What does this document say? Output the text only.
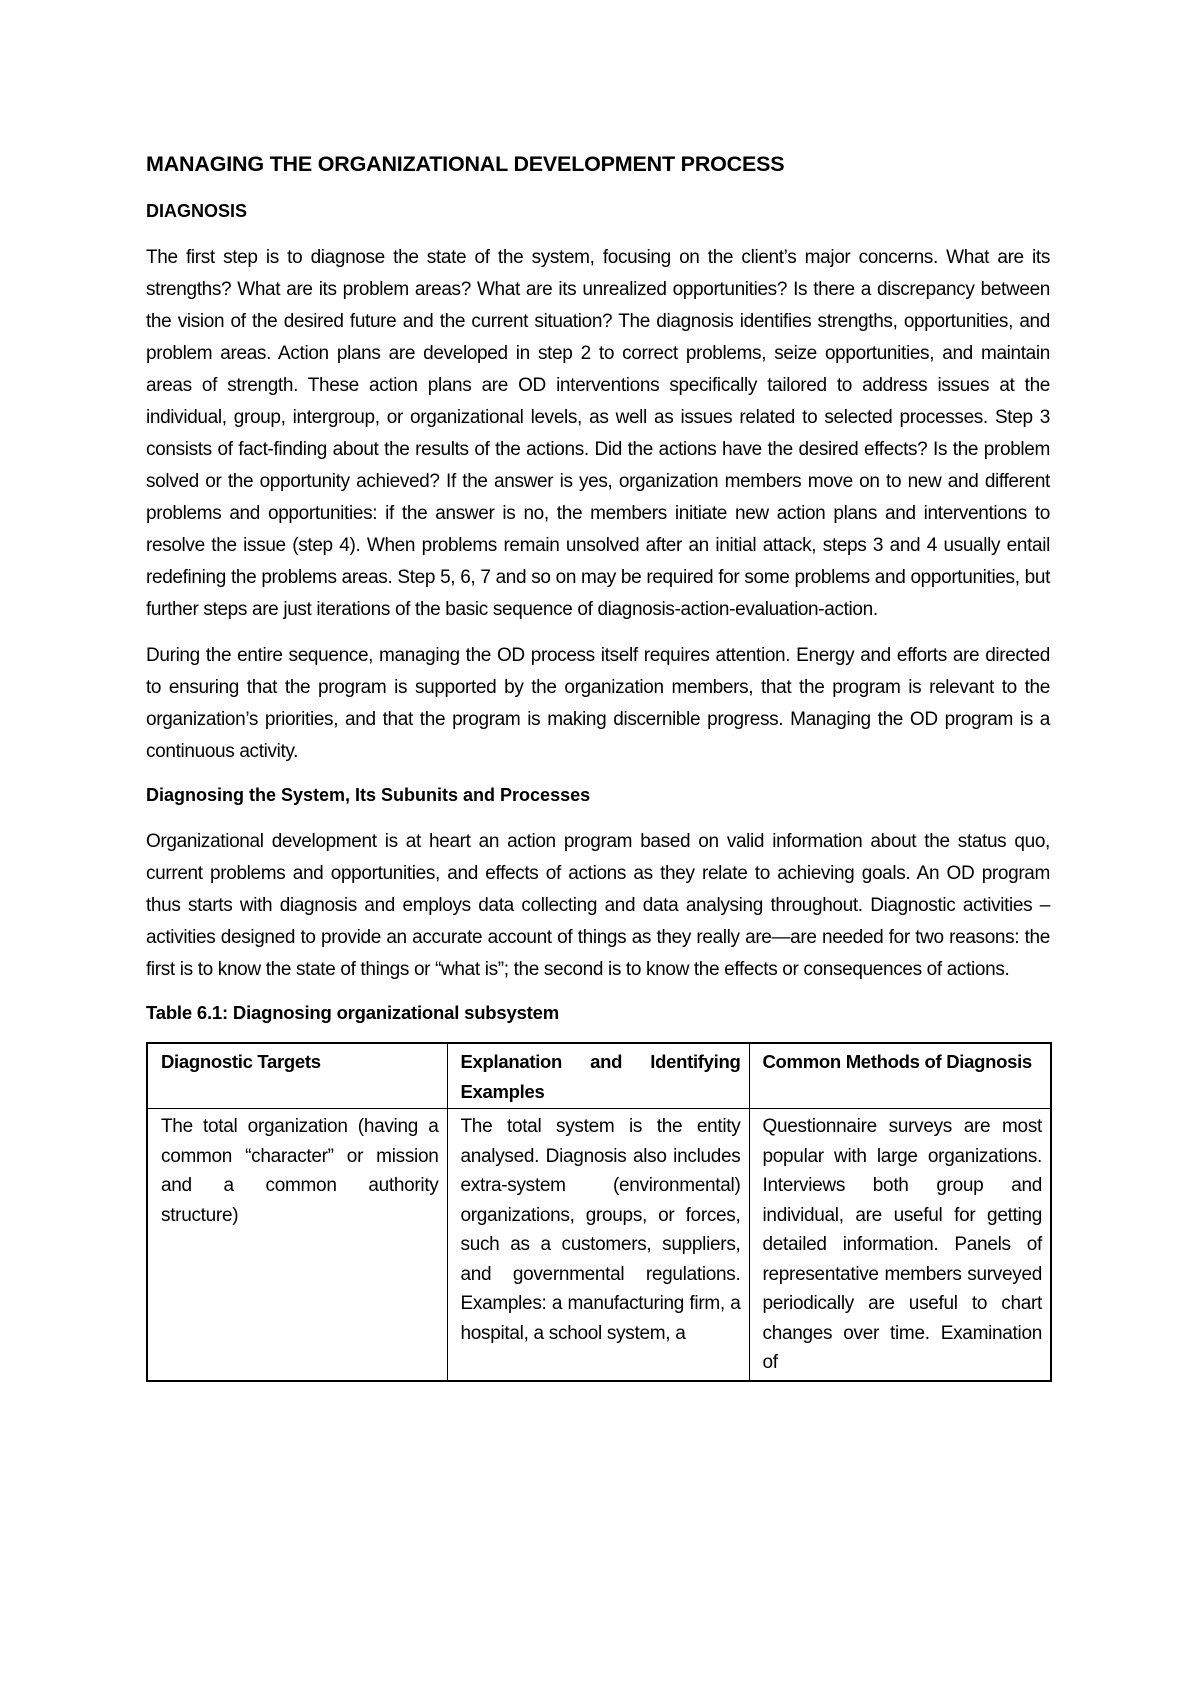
MANAGING THE ORGANIZATIONAL DEVELOPMENT PROCESS
DIAGNOSIS

The first step is to diagnose the state of the system, focusing on the client’s major concerns. What are its strengths? What are its problem areas? What are its unrealized opportunities? Is there a discrepancy between the vision of the desired future and the current situation? The diagnosis identifies strengths, opportunities, and problem areas. Action plans are developed in step 2 to correct problems, seize opportunities, and maintain areas of strength. These action plans are OD interventions specifically tailored to address issues at the individual, group, intergroup, or organizational levels, as well as issues related to selected processes. Step 3 consists of fact-finding about the results of the actions. Did the actions have the desired effects? Is the problem solved or the opportunity achieved? If the answer is yes, organization members move on to new and different problems and opportunities: if the answer is no, the members initiate new action plans and interventions to resolve the issue (step 4). When problems remain unsolved after an initial attack, steps 3 and 4 usually entail redefining the problems areas. Step 5, 6, 7 and so on may be required for some problems and opportunities, but further steps are just iterations of the basic sequence of diagnosis-action-evaluation-action.

During the entire sequence, managing the OD process itself requires attention. Energy and efforts are directed to ensuring that the program is supported by the organization members, that the program is relevant to the organization’s priorities, and that the program is making discernible progress. Managing the OD program is a continuous activity.

Diagnosing the System, Its Subunits and Processes

Organizational development is at heart an action program based on valid information about the status quo, current problems and opportunities, and effects of actions as they relate to achieving goals. An OD program thus starts with diagnosis and employs data collecting and data analysing throughout. Diagnostic activities – activities designed to provide an accurate account of things as they really are—are needed for two reasons: the first is to know the state of things or “what is”; the second is to know the effects or consequences of actions.

Table 6.1: Diagnosing organizational subsystem
Diagnostic Targets	Explanation and Identifying Examples	Common Methods of Diagnosis
The total organization (having a common “character” or mission and a common authority structure)	The total system is the entity analysed. Diagnosis also includes extra-system (environmental) organizations, groups, or forces, such as a customers, suppliers, and governmental regulations. Examples: a manufacturing firm, a hospital, a school system, a	Questionnaire surveys are most popular with large organizations. Interviews both group and individual, are useful for getting detailed information. Panels of representative members surveyed periodically are useful to chart changes over time. Examination of
